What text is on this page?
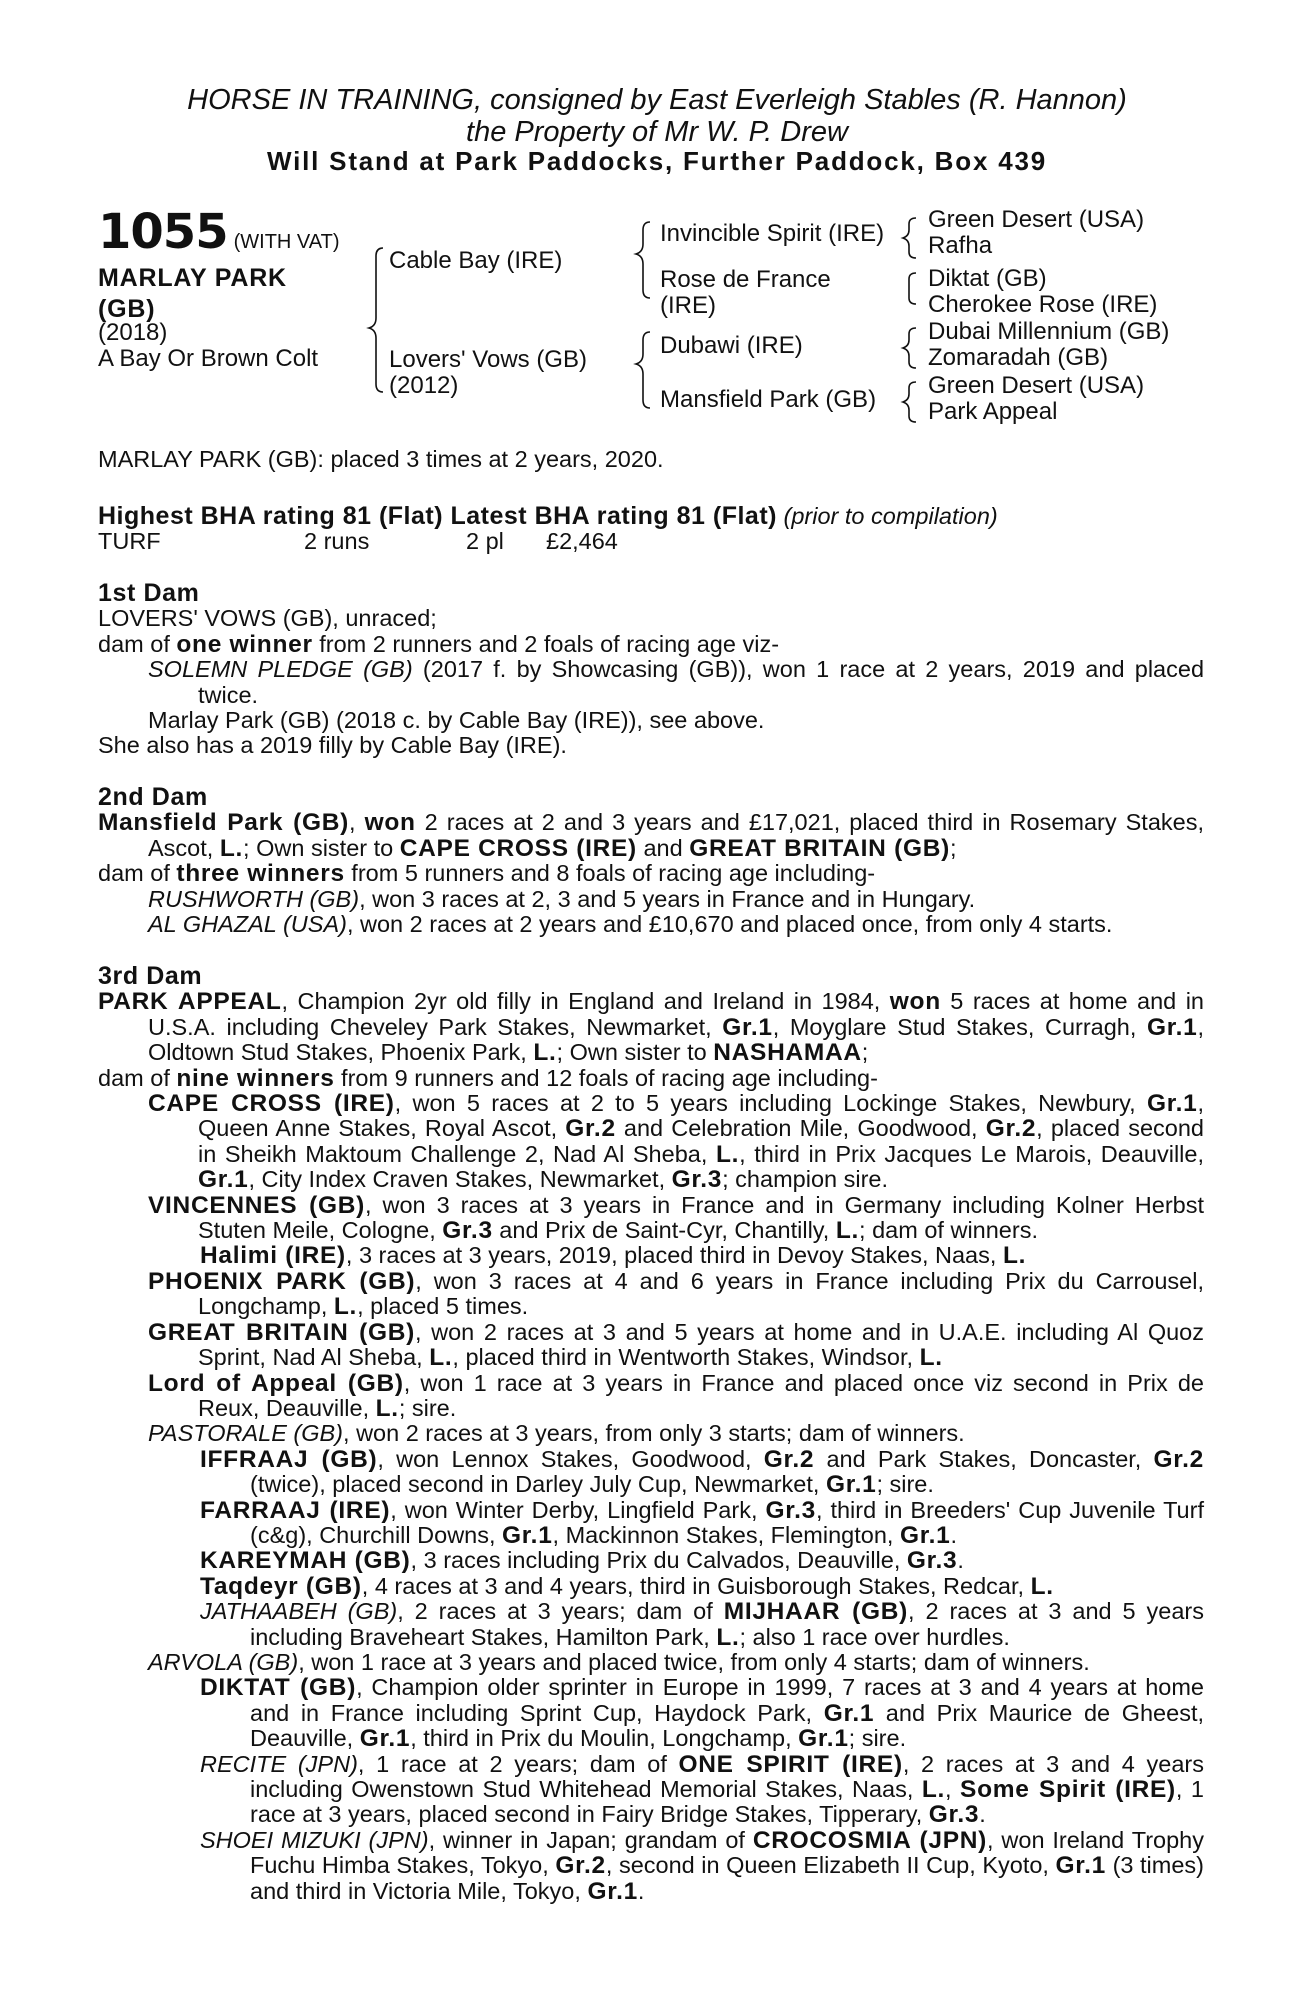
HORSE IN TRAINING, consigned by East Everleigh Stables (R. Hannon)
the Property of Mr W. P. Drew
Will Stand at Park Paddocks, Further Paddock, Box 439
1055 (WITH VAT)
MARLAY PARK
(GB)
(2018)
A Bay Or Brown Colt
Cable Bay (IRE)
Lovers' Vows (GB)
(2012)
Invincible Spirit (IRE)
Rose de France
(IRE)
Dubawi (IRE)
Mansfield Park (GB)
Green Desert (USA)
Rafha
Diktat (GB)
Cherokee Rose (IRE)
Dubai Millennium (GB)
Zomaradah (GB)
Green Desert (USA)
Park Appeal

MARLAY PARK (GB): placed 3 times at 2 years, 2020.

Highest BHA rating 81 (Flat) Latest BHA rating 81 (Flat) (prior to compilation)

TURF	2 runs	2 pl £2,464

1st Dam

LOVERS' VOWS (GB), unraced;

dam of one winner from 2 runners and 2 foals of racing age viz-

SOLEMN PLEDGE (GB) (2017 f. by Showcasing (GB)), won 1 race at 2 years, 2019 and placed twice.

Marlay Park (GB) (2018 c. by Cable Bay (IRE)), see above.

She also has a 2019 filly by Cable Bay (IRE).

2nd Dam

Mansfield Park (GB), won 2 races at 2 and 3 years and £17,021, placed third in Rosemary Stakes, Ascot, L.; Own sister to CAPE CROSS (IRE) and GREAT BRITAIN (GB);

dam of three winners from 5 runners and 8 foals of racing age including-

RUSHWORTH (GB), won 3 races at 2, 3 and 5 years in France and in Hungary.

AL GHAZAL (USA), won 2 races at 2 years and £10,670 and placed once, from only 4 starts.

3rd Dam

PARK APPEAL, Champion 2yr old filly in England and Ireland in 1984, won 5 races at home and in U.S.A. including Cheveley Park Stakes, Newmarket, Gr.1, Moyglare Stud Stakes, Curragh, Gr.1, Oldtown Stud Stakes, Phoenix Park, L.; Own sister to NASHAMAA;

dam of nine winners from 9 runners and 12 foals of racing age including-

CAPE CROSS (IRE), won 5 races at 2 to 5 years including Lockinge Stakes, Newbury, Gr.1, Queen Anne Stakes, Royal Ascot, Gr.2 and Celebration Mile, Goodwood, Gr.2, placed second in Sheikh Maktoum Challenge 2, Nad Al Sheba, L., third in Prix Jacques Le Marois, Deauville, Gr.1, City Index Craven Stakes, Newmarket, Gr.3; champion sire.

VINCENNES (GB), won 3 races at 3 years in France and in Germany including Kolner Herbst Stuten Meile, Cologne, Gr.3 and Prix de Saint-Cyr, Chantilly, L.; dam of winners.

Halimi (IRE), 3 races at 3 years, 2019, placed third in Devoy Stakes, Naas, L.

PHOENIX PARK (GB), won 3 races at 4 and 6 years in France including Prix du Carrousel, Longchamp, L., placed 5 times.

GREAT BRITAIN (GB), won 2 races at 3 and 5 years at home and in U.A.E. including Al Quoz Sprint, Nad Al Sheba, L., placed third in Wentworth Stakes, Windsor, L.

Lord of Appeal (GB), won 1 race at 3 years in France and placed once viz second in Prix de Reux, Deauville, L.; sire.

PASTORALE (GB), won 2 races at 3 years, from only 3 starts; dam of winners.

IFFRAAJ (GB), won Lennox Stakes, Goodwood, Gr.2 and Park Stakes, Doncaster, Gr.2 (twice), placed second in Darley July Cup, Newmarket, Gr.1; sire.

FARRAAJ (IRE), won Winter Derby, Lingfield Park, Gr.3, third in Breeders' Cup Juvenile Turf (c&g), Churchill Downs, Gr.1, Mackinnon Stakes, Flemington, Gr.1.

KAREYMAH (GB), 3 races including Prix du Calvados, Deauville, Gr.3.

Taqdeyr (GB), 4 races at 3 and 4 years, third in Guisborough Stakes, Redcar, L.

JATHAABEH (GB), 2 races at 3 years; dam of MIJHAAR (GB), 2 races at 3 and 5 years including Braveheart Stakes, Hamilton Park, L.; also 1 race over hurdles.

ARVOLA (GB), won 1 race at 3 years and placed twice, from only 4 starts; dam of winners.

DIKTAT (GB), Champion older sprinter in Europe in 1999, 7 races at 3 and 4 years at home and in France including Sprint Cup, Haydock Park, Gr.1 and Prix Maurice de Gheest, Deauville, Gr.1, third in Prix du Moulin, Longchamp, Gr.1; sire.

RECITE (JPN), 1 race at 2 years; dam of ONE SPIRIT (IRE), 2 races at 3 and 4 years including Owenstown Stud Whitehead Memorial Stakes, Naas, L., Some Spirit (IRE), 1 race at 3 years, placed second in Fairy Bridge Stakes, Tipperary, Gr.3.

SHOEI MIZUKI (JPN), winner in Japan; grandam of CROCOSMIA (JPN), won Ireland Trophy Fuchu Himba Stakes, Tokyo, Gr.2, second in Queen Elizabeth II Cup, Kyoto, Gr.1 (3 times) and third in Victoria Mile, Tokyo, Gr.1.
